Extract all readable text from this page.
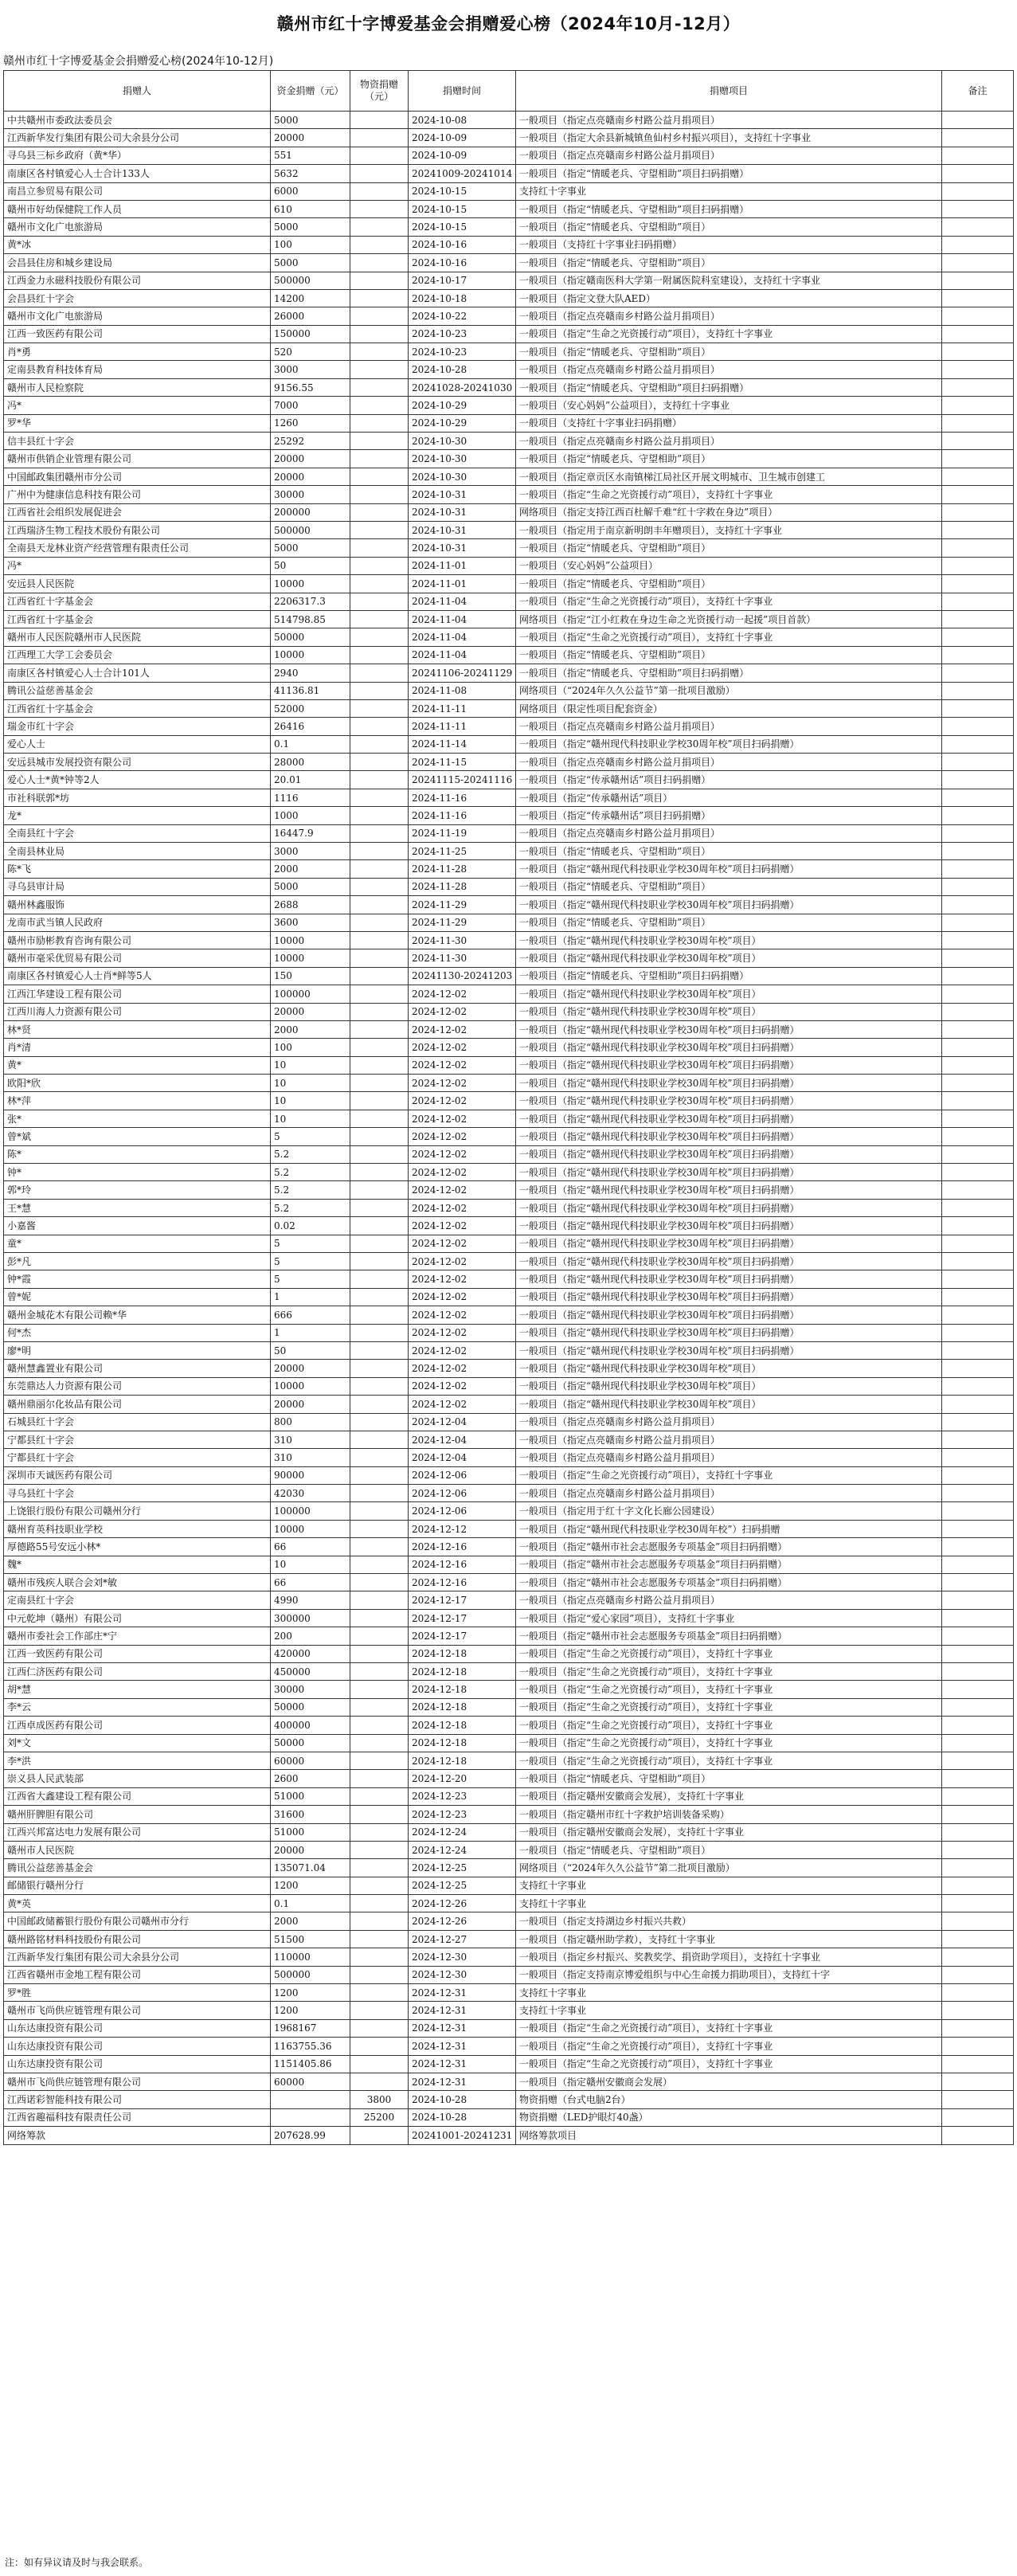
赣州市红十字博爱基金会捐赠爱心榜（2024年10月-12月）
赣州市红十字博爱基金会捐赠爱心榜(2024年10-12月)
捐赠人	资金捐赠（元）	物资捐赠（元）	捐赠时间	捐赠项目	备注
中共赣州市委政法委员会	5000		2024-10-08	一般项目（指定点亮赣南乡村路公益月捐项目）	
江西新华发行集团有限公司大余县分公司	20000		2024-10-09	一般项目（指定大余县新城镇鱼仙村乡村振兴项目），支持红十字事业	
寻乌县三标乡政府（黄*华）	551		2024-10-09	一般项目（指定点亮赣南乡村路公益月捐项目）	
南康区各村镇爱心人士合计133人	5632		20241009-20241014	一般项目（指定“情暖老兵、守望相助”项目扫码捐赠）	
南昌立参贸易有限公司	6000		2024-10-15	支持红十字事业	
赣州市好幼保健院工作人员	610		2024-10-15	一般项目（指定“情暖老兵、守望相助”项目扫码捐赠）	
赣州市文化广电旅游局	5000		2024-10-15	一般项目（指定“情暖老兵、守望相助”项目）	
黄*冰	100		2024-10-16	一般项目（支持红十字事业扫码捐赠）	
会昌县住房和城乡建设局	5000		2024-10-16	一般项目（指定“情暖老兵、守望相助”项目）	
江西金力永磁科技股份有限公司	500000		2024-10-17	一般项目（指定赣南医科大学第一附属医院科室建设），支持红十字事业	
会昌县红十字会	14200		2024-10-18	一般项目（指定文登大队AED）	
赣州市文化广电旅游局	26000		2024-10-22	一般项目（指定点亮赣南乡村路公益月捐项目）	
江西一致医药有限公司	150000		2024-10-23	一般项目（指定“生命之光资援行动”项目），支持红十字事业	
肖*勇	520		2024-10-23	一般项目（指定“情暖老兵、守望相助”项目）	
定南县教育科技体育局	3000		2024-10-28	一般项目（指定点亮赣南乡村路公益月捐项目）	
赣州市人民检察院	9156.55		20241028-20241030	一般项目（指定“情暖老兵、守望相助”项目扫码捐赠）	
冯*	7000		2024-10-29	一般项目（安心妈妈”公益项目），支持红十字事业	
罗*华	1260		2024-10-29	一般项目（支持红十字事业扫码捐赠）	
信丰县红十字会	25292		2024-10-30	一般项目（指定点亮赣南乡村路公益月捐项目）	
赣州市供销企业管理有限公司	20000		2024-10-30	一般项目（指定“情暖老兵、守望相助”项目）	
中国邮政集团赣州市分公司	20000		2024-10-30	一般项目（指定章贡区水南镇梯江局社区开展文明城市、卫生城市创建工	
广州中为健康信息科技有限公司	30000		2024-10-31	一般项目（指定“生命之光资援行动”项目），支持红十字事业	
江西省社会组织发展促进会	200000		2024-10-31	网络项目（指定支持江西百杜解千难“红十字救在身边”项目）	
江西瑞济生物工程技术股份有限公司	500000		2024-10-31	一般项目（指定用于南京新明朗丰年赠项目），支持红十字事业	
全南县天龙林业资产经营管理有限责任公司	5000		2024-10-31	一般项目（指定“情暖老兵、守望相助”项目）	
冯*	50		2024-11-01	一般项目（安心妈妈”公益项目）	
安远县人民医院	10000		2024-11-01	一般项目（指定“情暖老兵、守望相助”项目）	
江西省红十字基金会	2206317.3		2024-11-04	一般项目（指定“生命之光资援行动”项目），支持红十字事业	
江西省红十字基金会	514798.85		2024-11-04	网络项目（指定“江小红救在身边生命之光资援行动一起援”项目首款）	
赣州市人民医院赣州市人民医院	50000		2024-11-04	一般项目（指定“生命之光资援行动”项目），支持红十字事业	
江西理工大学工会委员会	10000		2024-11-04	一般项目（指定“情暖老兵、守望相助”项目）	
南康区各村镇爱心人士合计101人	2940		20241106-20241129	一般项目（指定“情暖老兵、守望相助”项目扫码捐赠）	
腾讯公益慈善基金会	41136.81		2024-11-08	网络项目（“2024年久久公益节”第一批项目激励）	
江西省红十字基金会	52000		2024-11-11	网络项目（限定性项目配套资金）	
瑞金市红十字会	26416		2024-11-11	一般项目（指定点亮赣南乡村路公益月捐项目）	
爱心人士	0.1		2024-11-14	一般项目（指定“赣州现代科技职业学校30周年校”项目扫码捐赠）	
安远县城市发展投资有限公司	28000		2024-11-15	一般项目（指定点亮赣南乡村路公益月捐项目）	
爱心人士*黄*钟等2人	20.01		20241115-20241116	一般项目（指定“传承赣州话”项目扫码捐赠）	
市社科联郭*坊	1116		2024-11-16	一般项目（指定“传承赣州话”项目）	
龙*	1000		2024-11-16	一般项目（指定“传承赣州话”项目扫码捐赠）	
全南县红十字会	16447.9		2024-11-19	一般项目（指定点亮赣南乡村路公益月捐项目）	
全南县林业局	3000		2024-11-25	一般项目（指定“情暖老兵、守望相助”项目）	
陈*飞	2000		2024-11-28	一般项目（指定“赣州现代科技职业学校30周年校”项目扫码捐赠）	
寻乌县审计局	5000		2024-11-28	一般项目（指定“情暖老兵、守望相助”项目）	
赣州林鑫服饰	2688		2024-11-29	一般项目（指定“赣州现代科技职业学校30周年校”项目扫码捐赠）	
龙南市武当镇人民政府	3600		2024-11-29	一般项目（指定“情暖老兵、守望相助”项目）	
赣州市励彬教育咨询有限公司	10000		2024-11-30	一般项目（指定“赣州现代科技职业学校30周年校”项目）	
赣州市毫采优贸易有限公司	10000		2024-11-30	一般项目（指定“赣州现代科技职业学校30周年校”项目）	
南康区各村镇爱心人士肖*鲜等5人	150		20241130-20241203	一般项目（指定“情暖老兵、守望相助”项目扫码捐赠）	
江西江华建设工程有限公司	100000		2024-12-02	一般项目（指定“赣州现代科技职业学校30周年校”项目）	
江西川海人力资源有限公司	20000		2024-12-02	一般项目（指定“赣州现代科技职业学校30周年校”项目）	
林*贤	2000		2024-12-02	一般项目（指定“赣州现代科技职业学校30周年校”项目扫码捐赠）	
肖*清	100		2024-12-02	一般项目（指定“赣州现代科技职业学校30周年校”项目扫码捐赠）	
黄*	10		2024-12-02	一般项目（指定“赣州现代科技职业学校30周年校”项目扫码捐赠）	
欧阳*欣	10		2024-12-02	一般项目（指定“赣州现代科技职业学校30周年校”项目扫码捐赠）	
林*萍	10		2024-12-02	一般项目（指定“赣州现代科技职业学校30周年校”项目扫码捐赠）	
张*	10		2024-12-02	一般项目（指定“赣州现代科技职业学校30周年校”项目扫码捐赠）	
曾*斌	5		2024-12-02	一般项目（指定“赣州现代科技职业学校30周年校”项目扫码捐赠）	
陈*	5.2		2024-12-02	一般项目（指定“赣州现代科技职业学校30周年校”项目扫码捐赠）	
钟*	5.2		2024-12-02	一般项目（指定“赣州现代科技职业学校30周年校”项目扫码捐赠）	
郭*玲	5.2		2024-12-02	一般项目（指定“赣州现代科技职业学校30周年校”项目扫码捐赠）	
王*慧	5.2		2024-12-02	一般项目（指定“赣州现代科技职业学校30周年校”项目扫码捐赠）	
小嘉酱	0.02		2024-12-02	一般项目（指定“赣州现代科技职业学校30周年校”项目扫码捐赠）	
童*	5		2024-12-02	一般项目（指定“赣州现代科技职业学校30周年校”项目扫码捐赠）	
彭*凡	5		2024-12-02	一般项目（指定“赣州现代科技职业学校30周年校”项目扫码捐赠）	
钟*霞	5		2024-12-02	一般项目（指定“赣州现代科技职业学校30周年校”项目扫码捐赠）	
曾*妮	1		2024-12-02	一般项目（指定“赣州现代科技职业学校30周年校”项目扫码捐赠）	
赣州金城花木有限公司赖*华	666		2024-12-02	一般项目（指定“赣州现代科技职业学校30周年校”项目扫码捐赠）	
何*杰	1		2024-12-02	一般项目（指定“赣州现代科技职业学校30周年校”项目扫码捐赠）	
廖*明	50		2024-12-02	一般项目（指定“赣州现代科技职业学校30周年校”项目扫码捐赠）	
赣州慧鑫置业有限公司	20000		2024-12-02	一般项目（指定“赣州现代科技职业学校30周年校”项目）	
东莞鼎达人力资源有限公司	10000		2024-12-02	一般项目（指定“赣州现代科技职业学校30周年校”项目）	
赣州鼎丽尔化妆品有限公司	20000		2024-12-02	一般项目（指定“赣州现代科技职业学校30周年校”项目）	
石城县红十字会	800		2024-12-04	一般项目（指定点亮赣南乡村路公益月捐项目）	
宁都县红十字会	310		2024-12-04	一般项目（指定点亮赣南乡村路公益月捐项目）	
宁都县红十字会	310		2024-12-04	一般项目（指定点亮赣南乡村路公益月捐项目）	
深圳市天诚医药有限公司	90000		2024-12-06	一般项目（指定“生命之光资援行动”项目），支持红十字事业	
寻乌县红十字会	42030		2024-12-06	一般项目（指定点亮赣南乡村路公益月捐项目）	
上饶银行股份有限公司赣州分行	100000		2024-12-06	一般项目（指定用于红十字文化长廊公园建设）	
赣州育英科技职业学校	10000		2024-12-12	一般项目（指定“赣州现代科技职业学校30周年校”）扫码捐赠	
厚德路55号安远小林*	66		2024-12-16	一般项目（指定“赣州市社会志愿服务专项基金”项目扫码捐赠）	
魏*	10		2024-12-16	一般项目（指定“赣州市社会志愿服务专项基金”项目扫码捐赠）	
赣州市残疾人联合会刘*敏	66		2024-12-16	一般项目（指定“赣州市社会志愿服务专项基金”项目扫码捐赠）	
定南县红十字会	4990		2024-12-17	一般项目（指定点亮赣南乡村路公益月捐项目）	
中元乾坤（赣州）有限公司	300000		2024-12-17	一般项目（指定“爱心家园”项目），支持红十字事业	
赣州市委社会工作部庄*宁	200		2024-12-17	一般项目（指定“赣州市社会志愿服务专项基金”项目扫码捐赠）	
江西一致医药有限公司	420000		2024-12-18	一般项目（指定“生命之光资援行动”项目），支持红十字事业	
江西仁济医药有限公司	450000		2024-12-18	一般项目（指定“生命之光资援行动”项目），支持红十字事业	
胡*慧	30000		2024-12-18	一般项目（指定“生命之光资援行动”项目），支持红十字事业	
李*云	50000		2024-12-18	一般项目（指定“生命之光资援行动”项目），支持红十字事业	
江西卓成医药有限公司	400000		2024-12-18	一般项目（指定“生命之光资援行动”项目），支持红十字事业	
刘*文	50000		2024-12-18	一般项目（指定“生命之光资援行动”项目），支持红十字事业	
李*洪	60000		2024-12-18	一般项目（指定“生命之光资援行动”项目），支持红十字事业	
崇义县人民武装部	2600		2024-12-20	一般项目（指定“情暖老兵、守望相助”项目）	
江西省大鑫建设工程有限公司	51000		2024-12-23	一般项目（指定赣州安徽商会发展），支持红十字事业	
赣州肝脾胆有限公司	31600		2024-12-23	一般项目（指定赣州市红十字救护培训装备采购）	
江西兴邦富达电力发展有限公司	51000		2024-12-24	一般项目（指定赣州安徽商会发展），支持红十字事业	
赣州市人民医院	20000		2024-12-24	一般项目（指定“情暖老兵、守望相助”项目）	
腾讯公益慈善基金会	135071.04		2024-12-25	网络项目（“2024年久久公益节”第二批项目激励）	
邮储银行赣州分行	1200		2024-12-25	支持红十字事业	
黄*英	0.1		2024-12-26	支持红十字事业	
中国邮政储蓄银行股份有限公司赣州市分行	2000		2024-12-26	一般项目（指定支持湖边乡村振兴共救）	
赣州路铭材料科技股份有限公司	51500		2024-12-27	一般项目（指定赣州助学救），支持红十字事业	
江西新华发行集团有限公司大余县分公司	110000		2024-12-30	一般项目（指定乡村振兴、奖教奖学、捐资助学项目），支持红十字事业	
江西省赣州市金地工程有限公司	500000		2024-12-30	一般项目（指定支持南京博爱组织与中心生命援力捐助项目），支持红十字	
罗*胜	1200		2024-12-31	支持红十字事业	
赣州市飞尚供应链管理有限公司	1200		2024-12-31	支持红十字事业	
山东达康投资有限公司	1968167		2024-12-31	一般项目（指定“生命之光资援行动”项目），支持红十字事业	
山东达康投资有限公司	1163755.36		2024-12-31	一般项目（指定“生命之光资援行动”项目），支持红十字事业	
山东达康投资有限公司	1151405.86		2024-12-31	一般项目（指定“生命之光资援行动”项目），支持红十字事业	
赣州市飞尚供应链管理有限公司	60000		2024-12-31	一般项目（指定赣州安徽商会发展）	
江西诺彩智能科技有限公司		3800	2024-10-28	物资捐赠（台式电脑2台）	
江西省趣福科技有限责任公司		25200	2024-10-28	物资捐赠（LED护眼灯40盏）	
网络筹款	207628.99		20241001-20241231	网络筹款项目	
注：如有异议请及时与我会联系。
